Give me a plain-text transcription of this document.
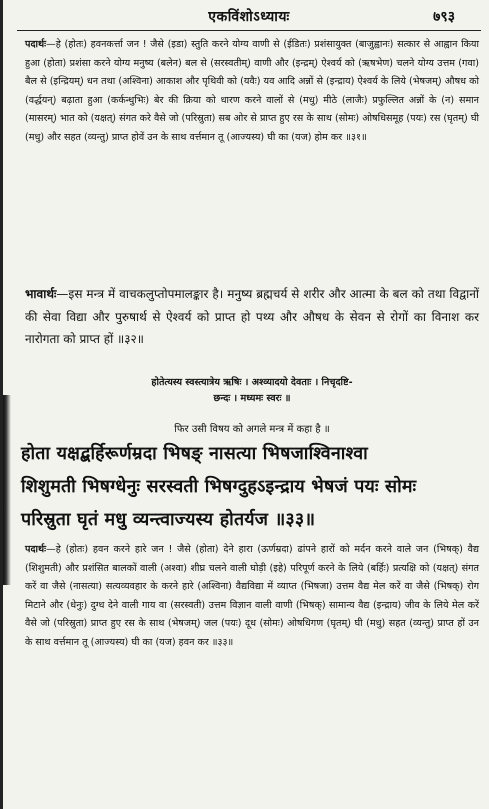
एकविंशोऽध्यायः	७९३
पदार्थः—हे (होतः) हवनकर्त्ता जन ! जैसे (इडा) स्तुति करने योग्य वाणी से (ईडितः) प्रशंसायुक्त (बाजुह्वानः) सत्कार से आह्वान किया हुआ (होता) प्रशंसा करने योग्य मनुष्य (बलेन) बल से (सरस्वतीम्) वाणी और (इन्द्रम्) ऐश्वर्य को (ऋषभेण) चलने योग्य उत्तम (गवा) बैल से (इन्द्रियम्) धन तथा (अश्विना) आकाश और पृथिवी को (यवैः) यव आदि अन्नों से (इन्द्राय) ऐश्वर्य के लिये (भेषजम्) औषध को (वर्द्धयन्) बढ़ाता हुआ (कर्कन्धुभिः) बेर की क्रिया को धारण करने वालों से (मधु) मीठे (लाजैः) प्रफुल्लित अन्नों के (न) समान (मासरम्) भात को (यक्षत्) संगत करे वैसे जो (परिस्रुता) सब ओर से प्राप्त हुए रस के साथ (सोमः) ओषधिसमूह (पयः) रस (घृतम्) घी (मधु) और सहत (व्यन्तु) प्राप्त होवें उन के साथ वर्त्तमान तू (आज्यस्य) घी का (यज) होम कर ॥३१॥
भावार्थः—इस मन्त्र में वाचकलुप्तोपमालङ्कार है। मनुष्य ब्रह्मचर्य से शरीर और आत्मा के बल को तथा विद्वानों की सेवा विद्या और पुरुषार्थ से ऐश्वर्य को प्राप्त हो पथ्य और औषध के सेवन से रोगों का विनाश कर नारोगता को प्राप्त हों ॥३२॥
होतेत्यस्य स्वस्त्यात्रेय ऋषिः । अश्व्यादयो देवताः । निचृदष्टि-
छन्दः । मध्यमः स्वरः ॥
फिर उसी विषय को अगले मन्त्र में कहा है ॥
होता यक्षद्बर्हिरूर्णम्रदा भिषङ् नासत्या भिषजाश्विनाश्वा
शिशुमती भिषग्धेनुः सरस्वती भिषग्दुहऽइन्द्राय भेषजं पयः सोमः
परिस्रुता घृतं मधु व्यन्त्वाज्यस्य होतर्यज ॥३३॥
पदार्थः—हे (होतः) हवन करने हारे जन ! जैसे (होता) देने हारा (ऊर्णम्रदा) ढांपने हारों को मर्दन करने वाले जन (भिषक्) वैद्य (शिशुमती) और प्रशंसित बालकों वाली (अश्वा) शीघ्र चलने वाली घोड़ी (इहे) परिपूर्ण करने के लिये (बर्हिः) प्रत्यक्षि को (यक्षत्) संगत करें वा जैसे (नासत्या) सत्यव्यवहार के करने हारे (अश्विना) वैद्यविद्या में व्याप्त (भिषजा) उत्तम वैद्य मेल करें वा जैसे (भिषक्) रोग मिटाने और (धेनुः) दुग्ध देने वाली गाय वा (सरस्वती) उत्तम विज्ञान वाली वाणी (भिषक्) सामान्य वैद्य (इन्द्राय) जीव के लिये मेल करें वैसे जो (परिस्रुता) प्राप्त हुए रस के साथ (भेषजम्) जल (पयः) दूध (सोमः) ओषधिगण (घृतम्) घी (मधु) सहत (व्यन्तु) प्राप्त हों उन के साथ वर्त्तमान तू (आज्यस्य) घी का (यज) हवन कर ॥३३॥
